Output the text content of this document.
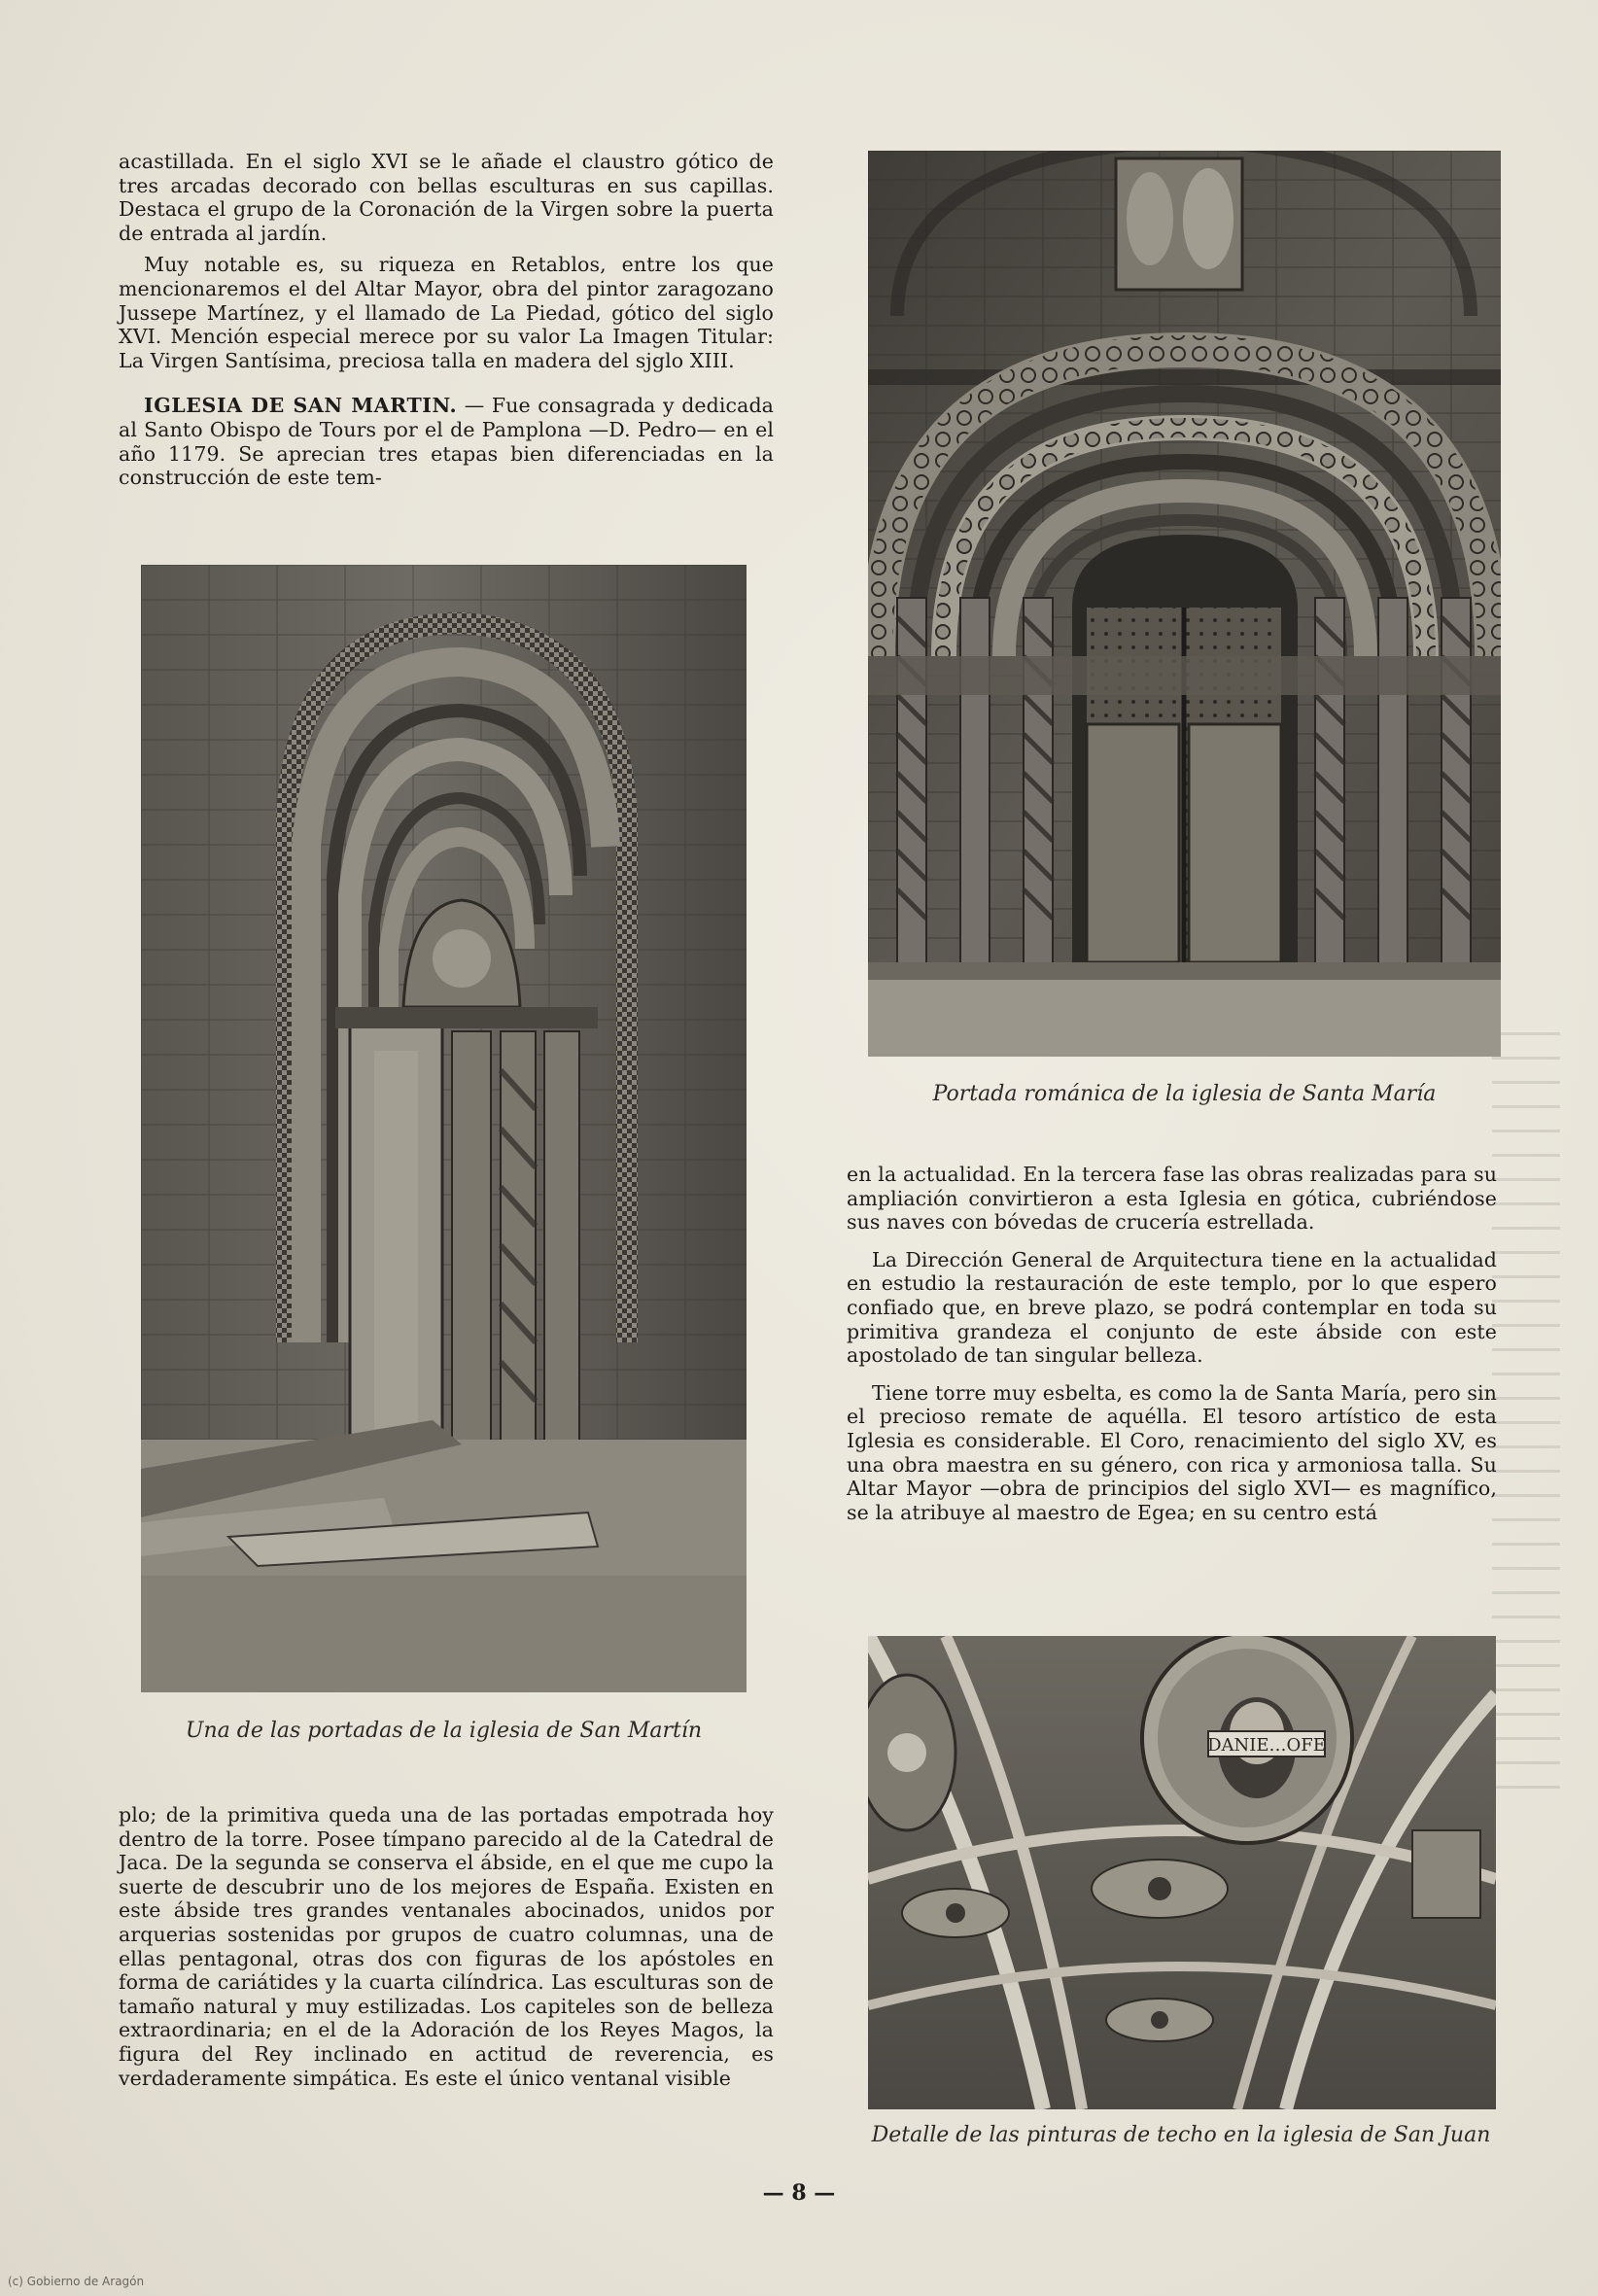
acastillada. En el siglo XVI se le añade el claustro gótico de tres arcadas decorado con bellas esculturas en sus capillas. Destaca el grupo de la Coronación de la Virgen sobre la puerta de entrada al jardín.

Muy notable es, su riqueza en Retablos, entre los que mencionaremos el del Altar Mayor, obra del pintor zaragozano Jussepe Martínez, y el llamado de La Piedad, gótico del siglo XVI. Mención especial merece por su valor La Imagen Titular: La Virgen Santísima, preciosa talla en madera del sjglo XIII.

IGLESIA DE SAN MARTIN. — Fue consagrada y dedicada al Santo Obispo de Tours por el de Pamplona —D. Pedro— en el año 1179. Se aprecian tres etapas bien diferenciadas en la construcción de este tem-

Portada románica de la iglesia de Santa María
Una de las portadas de la iglesia de San Martín

en la actualidad. En la tercera fase las obras realizadas para su ampliación convirtieron a esta Iglesia en gótica, cubriéndose sus naves con bóvedas de crucería estrellada.

La Dirección General de Arquitectura tiene en la actualidad en estudio la restauración de este templo, por lo que espero confiado que, en breve plazo, se podrá contemplar en toda su primitiva grandeza el conjunto de este ábside con este apostolado de tan singular belleza.

Tiene torre muy esbelta, es como la de Santa María, pero sin el precioso remate de aquélla. El tesoro artístico de esta Iglesia es considerable. El Coro, renacimiento del siglo XV, es una obra maestra en su género, con rica y armoniosa talla. Su Altar Mayor —obra de principios del siglo XVI— es magnífico, se la atribuye al maestro de Egea; en su centro está

plo; de la primitiva queda una de las portadas empotrada hoy dentro de la torre. Posee tímpano parecido al de la Catedral de Jaca. De la segunda se conserva el ábside, en el que me cupo la suerte de descubrir uno de los mejores de España. Existen en este ábside tres grandes ventanales abocinados, unidos por arquerias sostenidas por grupos de cuatro columnas, una de ellas pentagonal, otras dos con figuras de los apóstoles en forma de cariátides y la cuarta cilíndrica. Las esculturas son de tamaño natural y muy estilizadas. Los capiteles son de belleza extraordinaria; en el de la Adoración de los Reyes Magos, la figura del Rey inclinado en actitud de reverencia, es verdaderamente simpática. Es este el único ventanal visible

DANIE…OFE
Detalle de las pinturas de techo en la iglesia de San Juan
— 8 —
(c) Gobierno de Aragón
